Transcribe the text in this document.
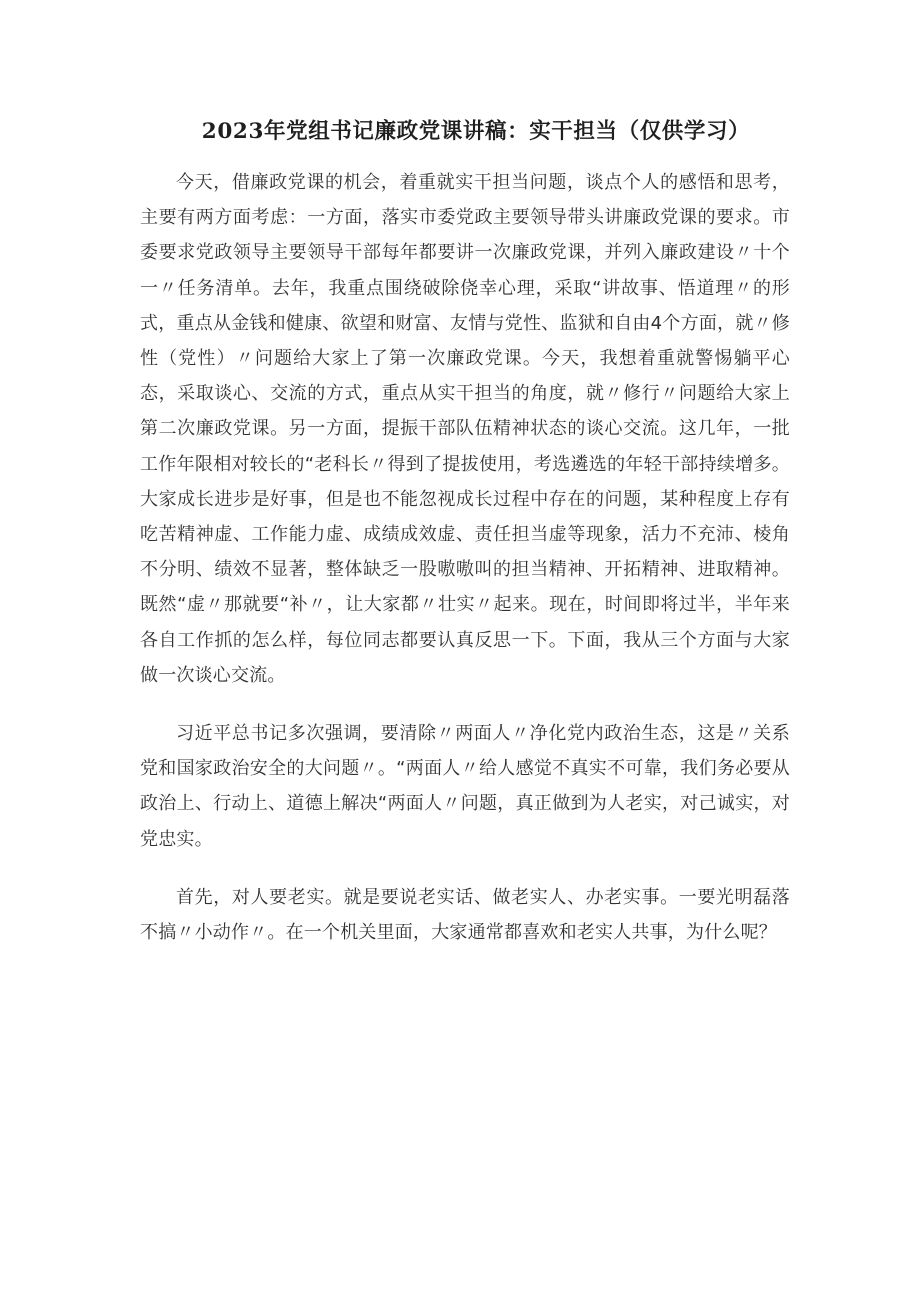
2023年党组书记廉政党课讲稿：实干担当（仅供学习）

今天，借廉政党课的机会，着重就实干担当问题，谈点个人的感悟和思考，主要有两方面考虑：一方面，落实市委党政主要领导带头讲廉政党课的要求。市委要求党政领导主要领导干部每年都要讲一次廉政党课，并列入廉政建设〃十个一〃任务清单。去年，我重点围绕破除侥幸心理，采取“讲故事、悟道理〃的形式，重点从金钱和健康、欲望和财富、友情与党性、监狱和自由4个方面，就〃修性（党性）〃问题给大家上了第一次廉政党课。今天，我想着重就警惕躺平心态，采取谈心、交流的方式，重点从实干担当的角度，就〃修行〃问题给大家上第二次廉政党课。另一方面，提振干部队伍精神状态的谈心交流。这几年，一批工作年限相对较长的“老科长〃得到了提拔使用，考选遴选的年轻干部持续增多。大家成长进步是好事，但是也不能忽视成长过程中存在的问题，某种程度上存有吃苦精神虚、工作能力虚、成绩成效虚、责任担当虚等现象，活力不充沛、棱角不分明、绩效不显著，整体缺乏一股嗷嗷叫的担当精神、开拓精神、进取精神。既然“虚〃那就要“补〃，让大家都〃壮实〃起来。现在，时间即将过半，半年来各自工作抓的怎么样，每位同志都要认真反思一下。下面，我从三个方面与大家做一次谈心交流。

习近平总书记多次强调，要清除〃两面人〃净化党内政治生态，这是〃关系党和国家政治安全的大问题〃。“两面人〃给人感觉不真实不可靠，我们务必要从政治上、行动上、道德上解决“两面人〃问题，真正做到为人老实，对己诚实，对党忠实。

首先，对人要老实。就是要说老实话、做老实人、办老实事。一要光明磊落不搞〃小动作〃。在一个机关里面，大家通常都喜欢和老实人共事，为什么呢？
